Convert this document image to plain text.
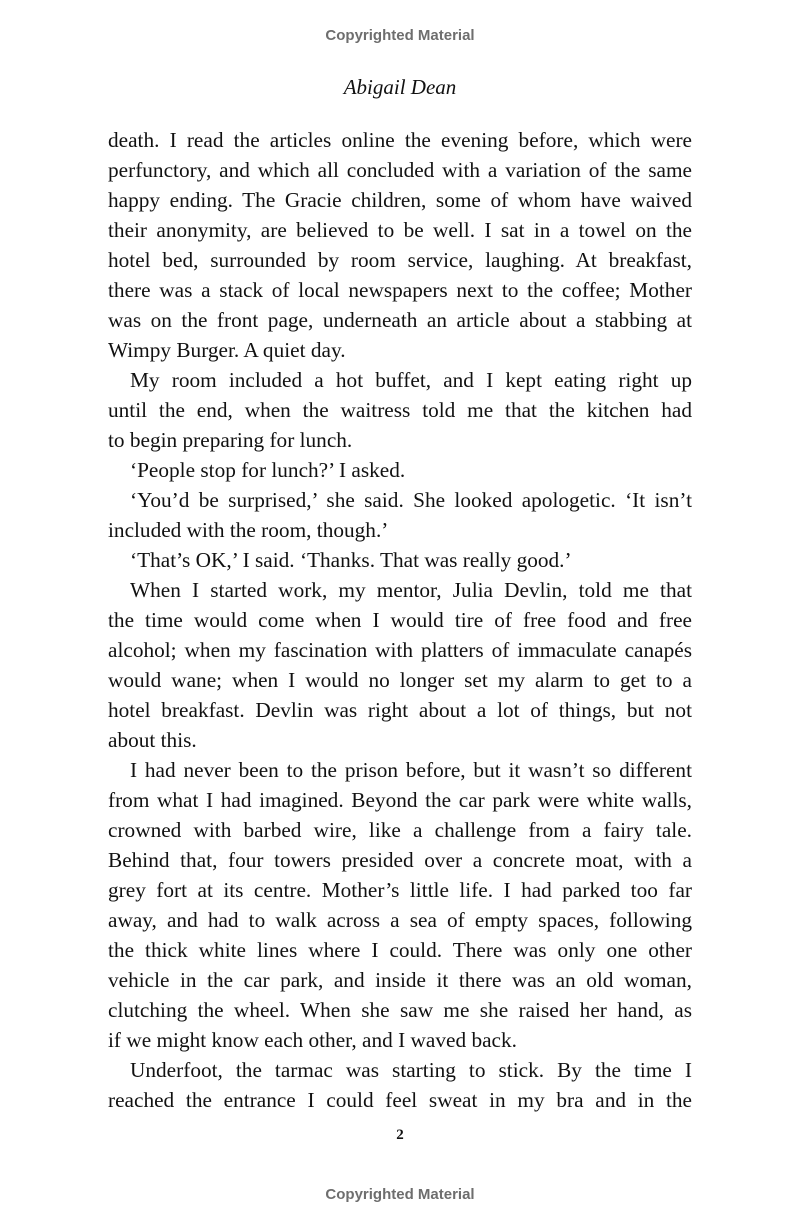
Copyrighted Material
Abigail Dean
death. I read the articles online the evening before, which were
perfunctory, and which all concluded with a variation of the same
happy ending. The Gracie children, some of whom have waived
their anonymity, are believed to be well. I sat in a towel on the
hotel bed, surrounded by room service, laughing. At breakfast,
there was a stack of local newspapers next to the coffee; Mother
was on the front page, underneath an article about a stabbing at
Wimpy Burger. A quiet day.
My room included a hot buffet, and I kept eating right up
until the end, when the waitress told me that the kitchen had
to begin preparing for lunch.
‘People stop for lunch?’ I asked.
‘You’d be surprised,’ she said. She looked apologetic. ‘It isn’t
included with the room, though.’
‘That’s OK,’ I said. ‘Thanks. That was really good.’
When I started work, my mentor, Julia Devlin, told me that
the time would come when I would tire of free food and free
alcohol; when my fascination with platters of immaculate canapés
would wane; when I would no longer set my alarm to get to a
hotel breakfast. Devlin was right about a lot of things, but not
about this.
I had never been to the prison before, but it wasn’t so different
from what I had imagined. Beyond the car park were white walls,
crowned with barbed wire, like a challenge from a fairy tale.
Behind that, four towers presided over a concrete moat, with a
grey fort at its centre. Mother’s little life. I had parked too far
away, and had to walk across a sea of empty spaces, following
the thick white lines where I could. There was only one other
vehicle in the car park, and inside it there was an old woman,
clutching the wheel. When she saw me she raised her hand, as
if we might know each other, and I waved back.
Underfoot, the tarmac was starting to stick. By the time I
reached the entrance I could feel sweat in my bra and in the
2
Copyrighted Material
